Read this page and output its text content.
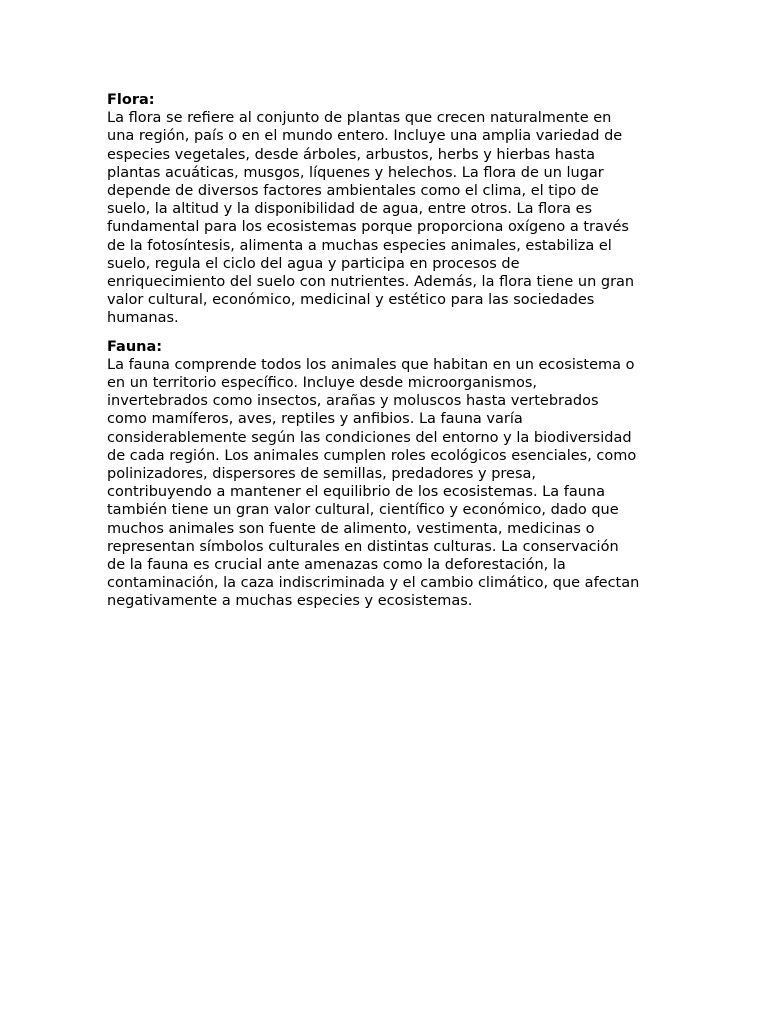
Flora:

La flora se refiere al conjunto de plantas que crecen naturalmente en
una región, país o en el mundo entero. Incluye una amplia variedad de
especies vegetales, desde árboles, arbustos, herbs y hierbas hasta
plantas acuáticas, musgos, líquenes y helechos. La flora de un lugar
depende de diversos factores ambientales como el clima, el tipo de
suelo, la altitud y la disponibilidad de agua, entre otros. La flora es
fundamental para los ecosistemas porque proporciona oxígeno a través
de la fotosíntesis, alimenta a muchas especies animales, estabiliza el
suelo, regula el ciclo del agua y participa en procesos de
enriquecimiento del suelo con nutrientes. Además, la flora tiene un gran
valor cultural, económico, medicinal y estético para las sociedades
humanas.

Fauna:

La fauna comprende todos los animales que habitan en un ecosistema o
en un territorio específico. Incluye desde microorganismos,
invertebrados como insectos, arañas y moluscos hasta vertebrados
como mamíferos, aves, reptiles y anfibios. La fauna varía
considerablemente según las condiciones del entorno y la biodiversidad
de cada región. Los animales cumplen roles ecológicos esenciales, como
polinizadores, dispersores de semillas, predadores y presa,
contribuyendo a mantener el equilibrio de los ecosistemas. La fauna
también tiene un gran valor cultural, científico y económico, dado que
muchos animales son fuente de alimento, vestimenta, medicinas o
representan símbolos culturales en distintas culturas. La conservación
de la fauna es crucial ante amenazas como la deforestación, la
contaminación, la caza indiscriminada y el cambio climático, que afectan
negativamente a muchas especies y ecosistemas.
